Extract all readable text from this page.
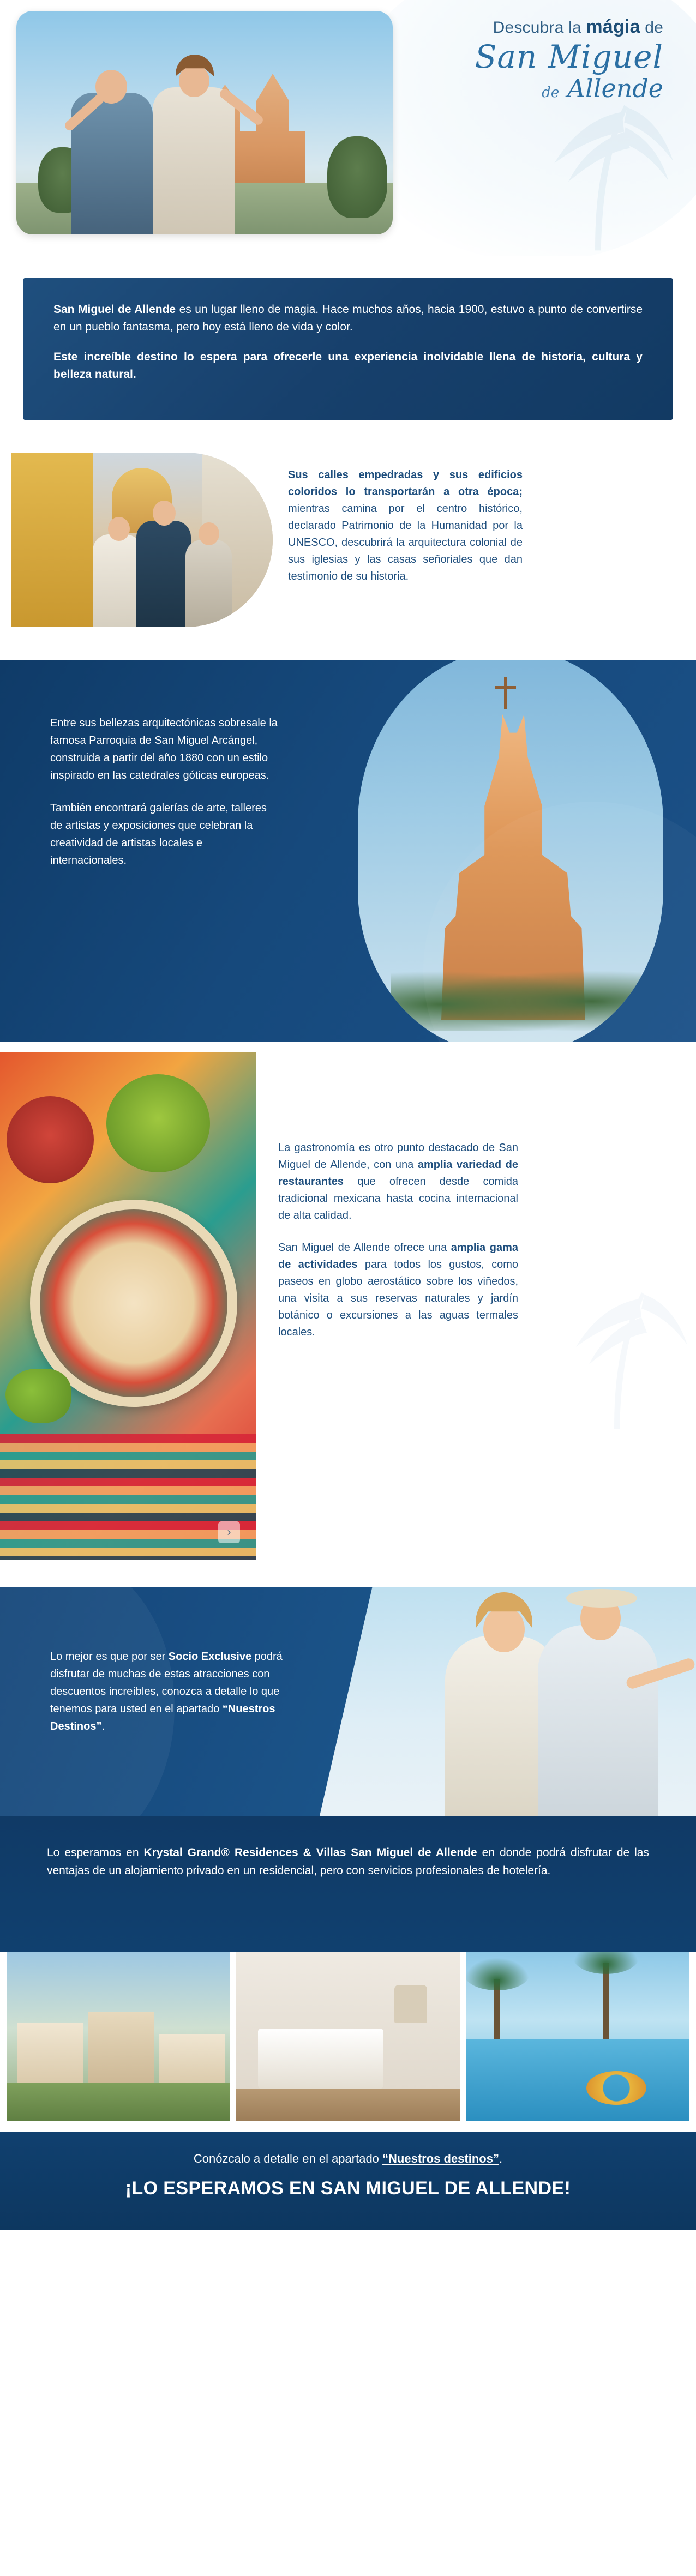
Descubra la mágia de
San Miguel
de Allende

San Miguel de Allende es un lugar lleno de magia. Hace muchos años, hacia 1900, estuvo a punto de convertirse en un pueblo fantasma, pero hoy está lleno de vida y color.

Este increíble destino lo espera para ofrecerle una experiencia inolvidable llena de historia, cultura y belleza natural.

Sus calles empedradas y sus edificios coloridos lo transportarán a otra época; mientras camina por el centro histórico, declarado Patrimonio de la Humanidad por la UNESCO, descubrirá la arquitectura colonial de sus iglesias y las casas señoriales que dan testimonio de su historia.

Entre sus bellezas arquitectónicas sobresale la famosa Parroquia de San Miguel Arcángel, construida a partir del año 1880 con un estilo inspirado en las catedrales góticas europeas.

También encontrará galerías de arte, talleres de artistas y exposiciones que celebran la creatividad de artistas locales e internacionales.

La gastronomía es otro punto destacado de San Miguel de Allende, con una amplia variedad de restaurantes que ofrecen desde comida tradicional mexicana hasta cocina internacional de alta calidad.

San Miguel de Allende ofrece una amplia gama de actividades para todos los gustos, como paseos en globo aerostático sobre los viñedos, una visita a sus reservas naturales y jardín botánico o excursiones a las aguas termales locales.

›
Lo mejor es que por ser Socio Exclusive podrá disfrutar de muchas de estas atracciones con descuentos increíbles, conozca a detalle lo que tenemos para usted en el apartado “Nuestros Destinos”.

Lo esperamos en Krystal Grand® Residences & Villas San Miguel de Allende en donde podrá disfrutar de las ventajas de un alojamiento privado en un residencial, pero con servicios profesionales de hotelería.

Conózcalo a detalle en el apartado “Nuestros destinos”.
¡LO ESPERAMOS EN SAN MIGUEL DE ALLENDE!
